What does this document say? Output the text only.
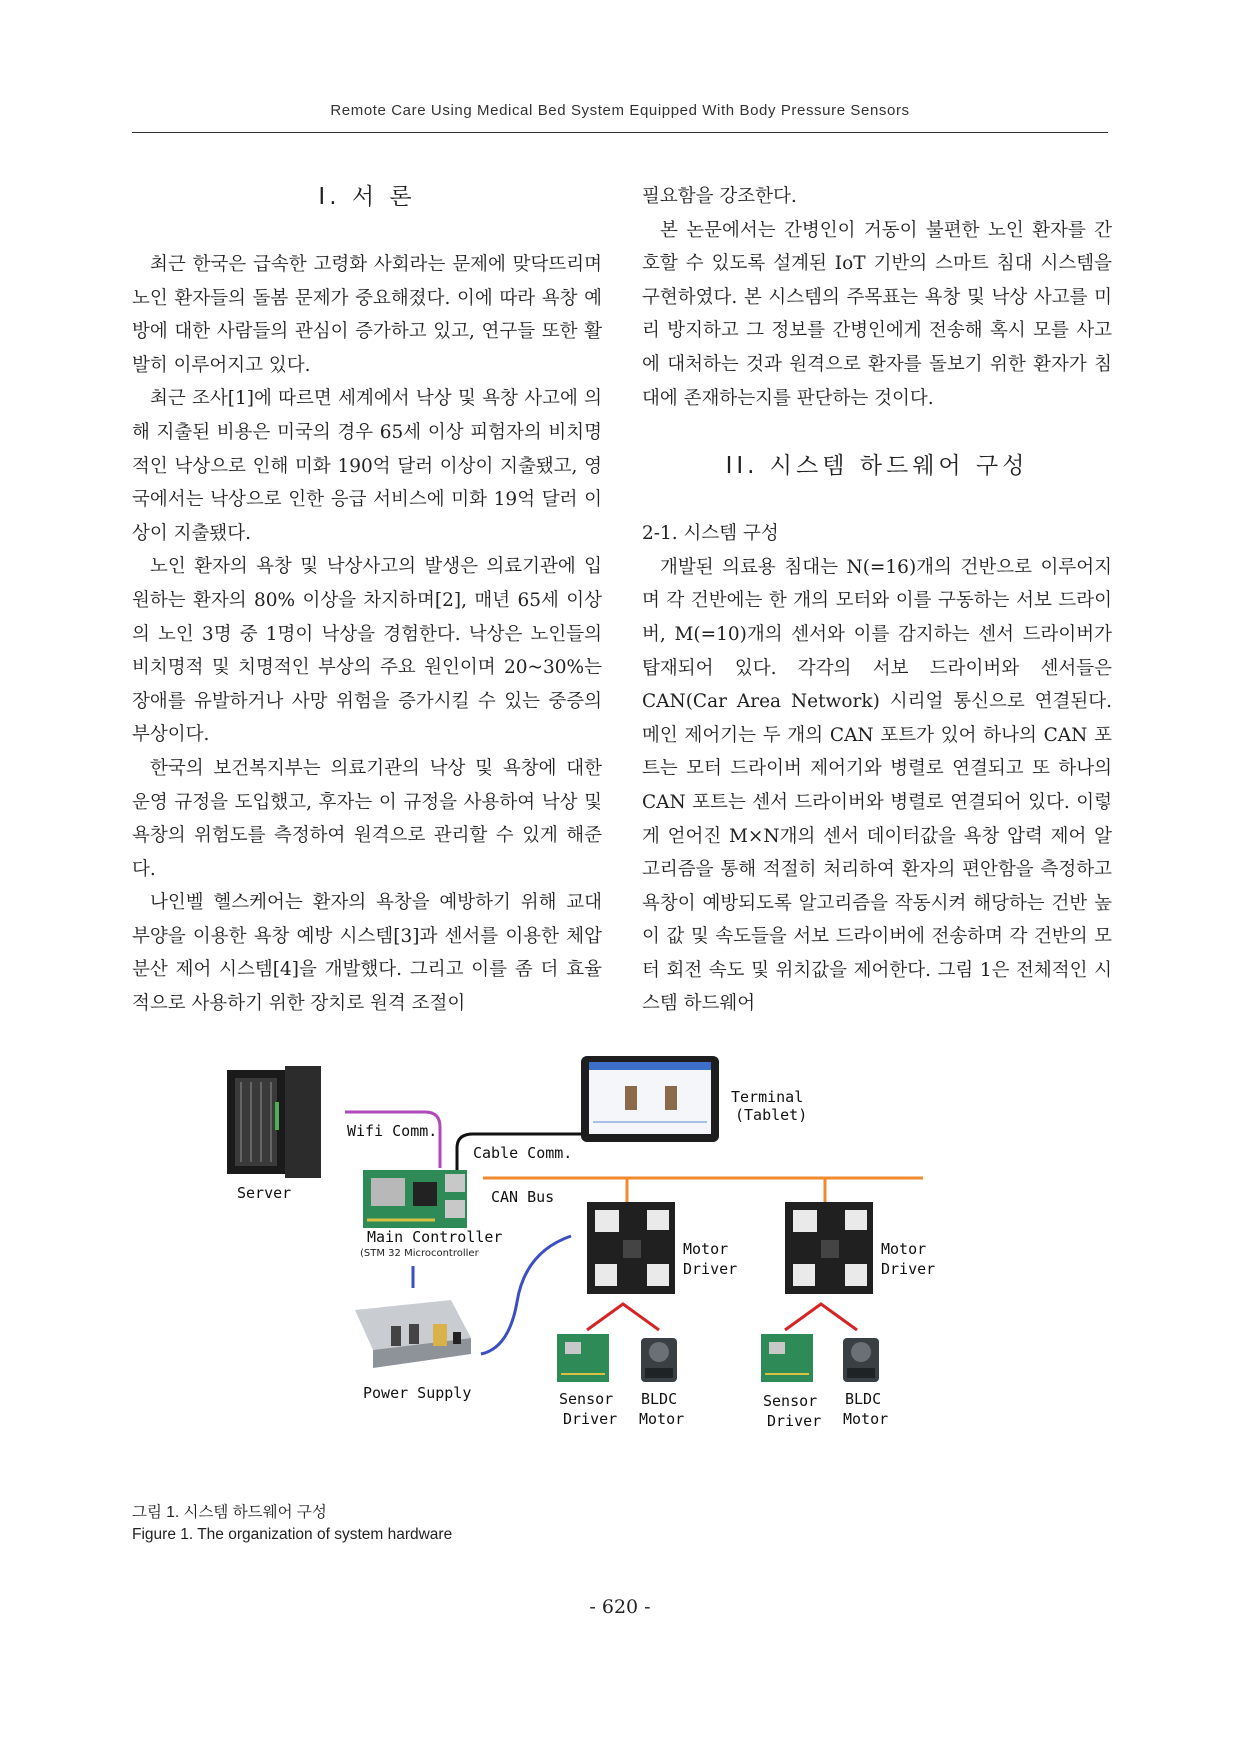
Remote Care Using Medical Bed System Equipped With Body Pressure Sensors
I. 서 론

최근 한국은 급속한 고령화 사회라는 문제에 맞닥뜨리며 노인 환자들의 돌봄 문제가 중요해졌다. 이에 따라 욕창 예방에 대한 사람들의 관심이 증가하고 있고, 연구들 또한 활발히 이루어지고 있다.

최근 조사[1]에 따르면 세계에서 낙상 및 욕창 사고에 의해 지출된 비용은 미국의 경우 65세 이상 피험자의 비치명적인 낙상으로 인해 미화 190억 달러 이상이 지출됐고, 영국에서는 낙상으로 인한 응급 서비스에 미화 19억 달러 이상이 지출됐다.

노인 환자의 욕창 및 낙상사고의 발생은 의료기관에 입원하는 환자의 80% 이상을 차지하며[2], 매년 65세 이상의 노인 3명 중 1명이 낙상을 경험한다. 낙상은 노인들의 비치명적 및 치명적인 부상의 주요 원인이며 20~30%는 장애를 유발하거나 사망 위험을 증가시킬 수 있는 중증의 부상이다.

한국의 보건복지부는 의료기관의 낙상 및 욕창에 대한 운영 규정을 도입했고, 후자는 이 규정을 사용하여 낙상 및 욕창의 위험도를 측정하여 원격으로 관리할 수 있게 해준다.

나인벨 헬스케어는 환자의 욕창을 예방하기 위해 교대 부양을 이용한 욕창 예방 시스템[3]과 센서를 이용한 체압 분산 제어 시스템[4]을 개발했다. 그리고 이를 좀 더 효율적으로 사용하기 위한 장치로 원격 조절이

필요함을 강조한다.

본 논문에서는 간병인이 거동이 불편한 노인 환자를 간호할 수 있도록 설계된 IoT 기반의 스마트 침대 시스템을 구현하였다. 본 시스템의 주목표는 욕창 및 낙상 사고를 미리 방지하고 그 정보를 간병인에게 전송해 혹시 모를 사고에 대처하는 것과 원격으로 환자를 돌보기 위한 환자가 침대에 존재하는지를 판단하는 것이다.

II. 시스템 하드웨어 구성
2-1. 시스템 구성

개발된 의료용 침대는 N(=16)개의 건반으로 이루어지며 각 건반에는 한 개의 모터와 이를 구동하는 서보 드라이버, M(=10)개의 센서와 이를 감지하는 센서 드라이버가 탑재되어 있다. 각각의 서보 드라이버와 센서들은 CAN(Car Area Network) 시리얼 통신으로 연결된다. 메인 제어기는 두 개의 CAN 포트가 있어 하나의 CAN 포트는 모터 드라이버 제어기와 병렬로 연결되고 또 하나의 CAN 포트는 센서 드라이버와 병렬로 연결되어 있다. 이렇게 얻어진 M×N개의 센서 데이터값을 욕창 압력 제어 알고리즘을 통해 적절히 처리하여 환자의 편안함을 측정하고 욕창이 예방되도록 알고리즘을 작동시켜 해당하는 건반 높이 값 및 속도들을 서보 드라이버에 전송하며 각 건반의 모터 회전 속도 및 위치값을 제어한다. 그림 1은 전체적인 시스템 하드웨어

Server
Wifi Comm.
Cable Comm.
Terminal
(Tablet)
CAN Bus
Main Controller
(STM 32 Microcontroller
Power Supply
Motor
Driver
Motor
Driver
Sensor
Driver
BLDC
Motor
Sensor
Driver
BLDC
Motor
그림 1. 시스템 하드웨어 구성
Figure 1. The organization of system hardware
- 620 -
